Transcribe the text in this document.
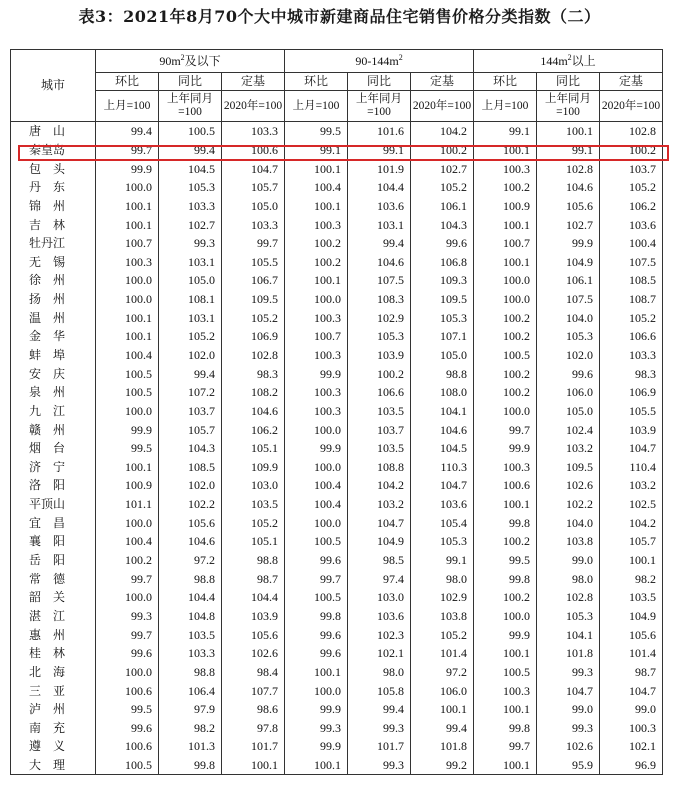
表3：2021年8月70个大中城市新建商品住宅销售价格分类指数（二）
城市	$90m^2$及以下			$90-144m^2$			$144m^2$以上		
	环比	同比	定基	环比	同比	定基	环比	同比	定基
	上月=100	上年同月=100	2020年=100	上月=100	上年同月=100	2020年=100	上月=100	上年同月=100	2020年=100
唐山	99.4	100.5	103.3	99.5	101.6	104.2	99.1	100.1	102.8
秦皇岛	99.7	99.4	100.6	99.1	99.1	100.2	100.1	99.1	100.2
包头	99.9	104.5	104.7	100.1	101.9	102.7	100.3	102.8	103.7
丹东	100.0	105.3	105.7	100.4	104.4	105.2	100.2	104.6	105.2
锦州	100.1	103.3	105.0	100.1	103.6	106.1	100.9	105.6	106.2
吉林	100.1	102.7	103.3	100.3	103.1	104.3	100.1	102.7	103.6
牡丹江	100.7	99.3	99.7	100.2	99.4	99.6	100.7	99.9	100.4
无锡	100.3	103.1	105.5	100.2	104.6	106.8	100.1	104.9	107.5
徐州	100.0	105.0	106.7	100.1	107.5	109.3	100.0	106.1	108.5
扬州	100.0	108.1	109.5	100.0	108.3	109.5	100.0	107.5	108.7
温州	100.1	103.1	105.2	100.3	102.9	105.3	100.2	104.0	105.2
金华	100.1	105.2	106.9	100.7	105.3	107.1	100.2	105.3	106.6
蚌埠	100.4	102.0	102.8	100.3	103.9	105.0	100.5	102.0	103.3
安庆	100.5	99.4	98.3	99.9	100.2	98.8	100.2	99.6	98.3
泉州	100.5	107.2	108.2	100.3	106.6	108.0	100.2	106.0	106.9
九江	100.0	103.7	104.6	100.3	103.5	104.1	100.0	105.0	105.5
赣州	99.9	105.7	106.2	100.0	103.7	104.6	99.7	102.4	103.9
烟台	99.5	104.3	105.1	99.9	103.5	104.5	99.9	103.2	104.7
济宁	100.1	108.5	109.9	100.0	108.8	110.3	100.3	109.5	110.4
洛阳	100.9	102.0	103.0	100.4	104.2	104.7	100.6	102.6	103.2
平顶山	101.1	102.2	103.5	100.4	103.2	103.6	100.1	102.2	102.5
宜昌	100.0	105.6	105.2	100.0	104.7	105.4	99.8	104.0	104.2
襄阳	100.4	104.6	105.1	100.5	104.9	105.3	100.2	103.8	105.7
岳阳	100.2	97.2	98.8	99.6	98.5	99.1	99.5	99.0	100.1
常德	99.7	98.8	98.7	99.7	97.4	98.0	99.8	98.0	98.2
韶关	100.0	104.4	104.4	100.5	103.0	102.9	100.2	102.8	103.5
湛江	99.3	104.8	103.9	99.8	103.6	103.8	100.0	105.3	104.9
惠州	99.7	103.5	105.6	99.6	102.3	105.2	99.9	104.1	105.6
桂林	99.6	103.3	102.6	99.6	102.1	101.4	100.1	101.8	101.4
北海	100.0	98.8	98.4	100.1	98.0	97.2	100.5	99.3	98.7
三亚	100.6	106.4	107.7	100.0	105.8	106.0	100.3	104.7	104.7
泸州	99.5	97.9	98.6	99.9	99.4	100.1	100.1	99.0	99.0
南充	99.6	98.2	97.8	99.3	99.3	99.4	99.8	99.3	100.3
遵义	100.6	101.3	101.7	99.9	101.7	101.8	99.7	102.6	102.1
大理	100.5	99.8	100.1	100.1	99.3	99.2	100.1	95.9	96.9
